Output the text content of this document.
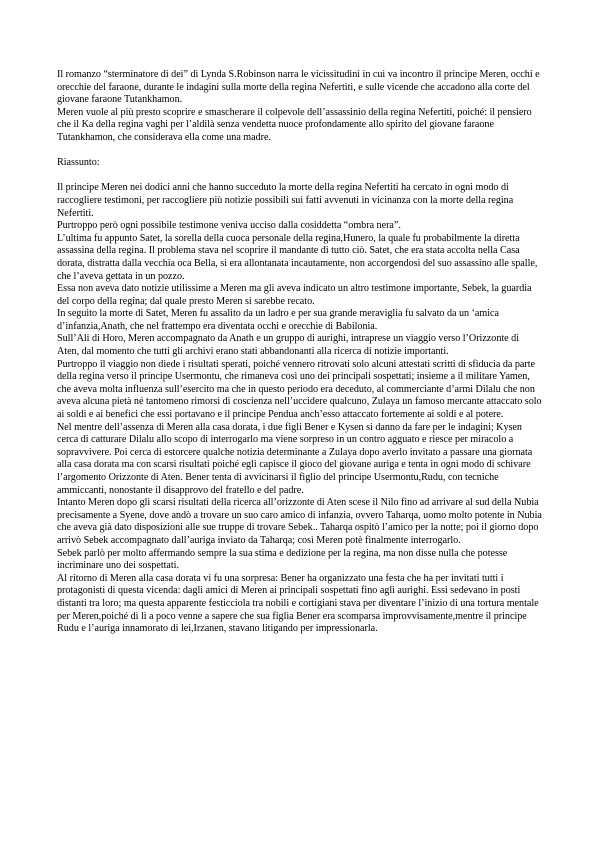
Il romanzo “sterminatore di dei” di Lynda S.Robinson narra le vicissitudini in cui va incontro il principe Meren, occhi e orecchie del faraone, durante le indagini sulla morte della regina Nefertiti, e sulle vicende che accadono alla corte del giovane faraone Tutankhamon.

Meren vuole al più presto scoprire e smascherare il colpevole dell’assassinio della regina Nefertiti, poiché: il pensiero che il Ka della regina vaghi per l’aldilà senza vendetta nuoce profondamente allo spirito del giovane faraone Tutankhamon, che considerava ella come una madre.

Riassunto:

Il principe Meren nei dodici anni che hanno succeduto la morte della regina Nefertiti ha cercato in ogni modo di raccogliere testimoni, per raccogliere più notizie possibili sui fatti avvenuti in vicinanza con la morte della regina Nefertiti.

Purtroppo però ogni possibile testimone veniva ucciso dalla cosiddetta “ombra nera”.

L’ultima fu appunto Satet, la sorella della cuoca personale della regina,Hunero, la quale fu probabilmente la diretta assassina della regina. Il problema stava nel scoprire il mandante di tutto ciò. Satet, che era stata accolta nella Casa dorata, distratta dalla vecchia oca Bella, si era allontanata incautamente, non accorgendosi del suo assassino alle spalle, che l’aveva gettata in un pozzo.

Essa non aveva dato notizie utilissime a Meren ma gli aveva indicato un altro testimone importante, Sebek, la guardia del corpo della regina; dal quale presto Meren si sarebbe recato.

In seguito la morte di Satet, Meren fu assalito da un ladro e per sua grande meraviglia fu salvato da un ‘amica d’infanzia,Anath, che nel frattempo era diventata occhi e orecchie di Babilonia.

Sull’Ali di Horo, Meren accompagnato da Anath e un gruppo di aurighi, intraprese un viaggio verso l’Orizzonte di Aten, dal momento che tutti gli archivi erano stati abbandonanti alla ricerca di notizie importanti.

Purtroppo il viaggio non diede i risultati sperati, poiché vennero ritrovati solo alcuni attestati scritti di sfiducia da parte della regina verso il principe Usermontu, che rimaneva così uno dei principali sospettati; insieme a il militare Yamen, che aveva molta influenza sull’esercito ma che in questo periodo era deceduto, al commerciante d’armi Dilalu che non aveva alcuna pietà né tantomeno rimorsi di coscienza nell’uccidere qualcuno, Zulaya un famoso mercante attaccato solo ai soldi e ai benefici che essi portavano e il principe Pendua anch’esso attaccato fortemente ai soldi e al potere.

Nel mentre dell’assenza di Meren alla casa dorata, i due figli Bener e Kysen si danno da fare per le indagini; Kysen cerca di catturare Dilalu allo scopo di interrogarlo ma viene sorpreso in un contro agguato e riesce per miracolo a sopravvivere. Poi cerca di estorcere qualche notizia determinante a Zulaya dopo averlo invitato a passare una giornata alla casa dorata ma con scarsi risultati poiché egli capisce il gioco del giovane auriga e tenta in ogni modo di schivare l’argomento Orizzonte di Aten. Bener tenta di avvicinarsi il figlio del principe Usermontu,Rudu, con tecniche ammiccanti, nonostante il disapprovo del fratello e del padre.

Intanto Meren dopo gli scarsi risultati della ricerca all’orizzonte di Aten scese il Nilo fino ad arrivare al sud della Nubia precisamente a Syene, dove andò a trovare un suo caro amico di infanzia, ovvero Taharqa, uomo molto potente in Nubia che aveva già dato disposizioni alle sue truppe di trovare Sebek.. Taharqa ospitò l’amico per la notte; poi il giorno dopo arrivò Sebek accompagnato dall’auriga inviato da Taharqa; così Meren potè finalmente interrogarlo.

Sebek parlò per molto affermando sempre la sua stima e dedizione per la regina, ma non disse nulla che potesse incriminare uno dei sospettati.

Al ritorno di Meren alla casa dorata vi fu una sorpresa: Bener ha organizzato una festa che ha per invitati tutti i protagonisti di questa vicenda: dagli amici di Meren ai principali sospettati fino agli aurighi. Essi sedevano in posti distanti tra loro; ma questa apparente festicciola tra nobili e cortigiani stava per diventare l’inizio di una tortura mentale per Meren,poiché di lì a poco venne a sapere che sua figlia Bener era scomparsa improvvisamente,mentre il principe Rudu e l’auriga innamorato di lei,Irzanen, stavano litigando per impressionarla.
